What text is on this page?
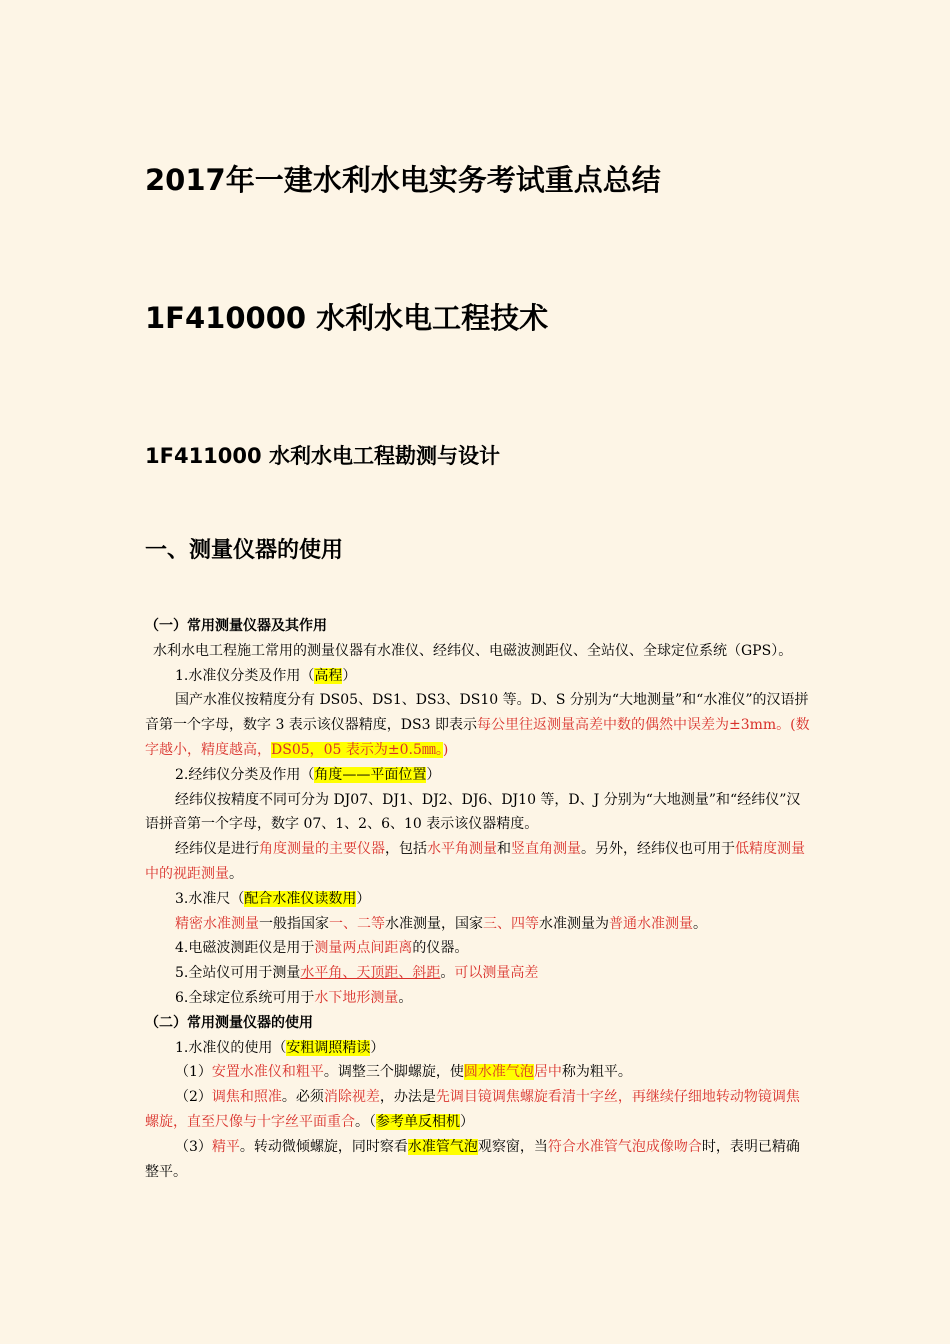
2017年一建水利水电实务考试重点总结
1F410000 水利水电工程技术
1F411000 水利水电工程勘测与设计
一、测量仪器的使用

（一）常用测量仪器及其作用

水利水电工程施工常用的测量仪器有水准仪、经纬仪、电磁波测距仪、全站仪、全球定位系统（GPS）。

1.水准仪分类及作用（高程）

国产水准仪按精度分有 DS05、DS1、DS3、DS10 等。D、S 分别为“大地测量”和“水准仪”的汉语拼音第一个字母，数字 3 表示该仪器精度，DS3 即表示每公里往返测量高差中数的偶然中误差为±3mm。(数字越小，精度越高，DS05，05 表示为±0.5㎜。)

2.经纬仪分类及作用（角度——平面位置）

经纬仪按精度不同可分为 DJ07、DJ1、DJ2、DJ6、DJ10 等，D、J 分别为“大地测量”和“经纬仪”汉语拼音第一个字母，数字 07、1、2、6、10 表示该仪器精度。

经纬仪是进行角度测量的主要仪器，包括水平角测量和竖直角测量。另外，经纬仪也可用于低精度测量中的视距测量。

3.水准尺（配合水准仪读数用）

精密水准测量一般指国家一、二等水准测量，国家三、四等水准测量为普通水准测量。

4.电磁波测距仪是用于测量两点间距离的仪器。

5.全站仪可用于测量水平角、天顶距、斜距。可以测量高差

6.全球定位系统可用于水下地形测量。

（二）常用测量仪器的使用

1.水准仪的使用（安粗调照精读）

（1）安置水准仪和粗平。调整三个脚螺旋，使圆水准气泡居中称为粗平。

（2）调焦和照准。必须消除视差，办法是先调目镜调焦螺旋看清十字丝，再继续仔细地转动物镜调焦螺旋，直至尺像与十字丝平面重合。（参考单反相机）

（3）精平。转动微倾螺旋，同时察看水准管气泡观察窗，当符合水准管气泡成像吻合时，表明已精确整平。
